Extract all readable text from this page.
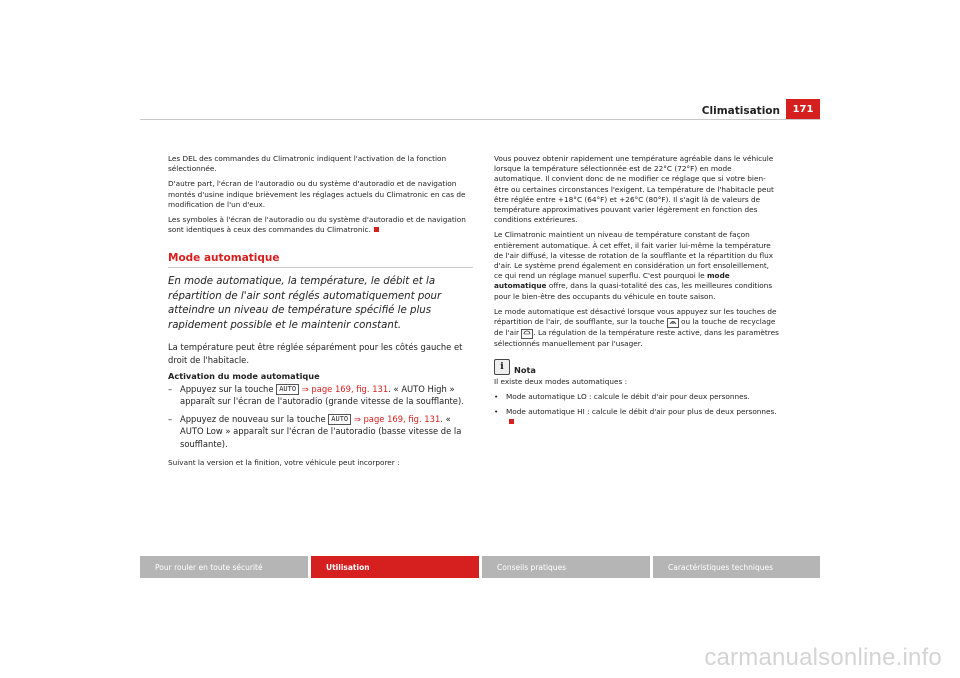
Climatisation	171

Les DEL des commandes du Climatronic indiquent l'activation de la fonction sélectionnée.

D'autre part, l'écran de l'autoradio ou du système d'autoradio et de navigation montés d'usine indique brièvement les réglages actuels du Climatronic en cas de modification de l'un d'eux.

Les symboles à l'écran de l'autoradio ou du système d'autoradio et de navigation sont identiques à ceux des commandes du Climatronic.

Mode automatique

En mode automatique, la température, le débit et la répartition de l'air sont réglés automatiquement pour atteindre un niveau de température spécifié le plus rapidement possible et le maintenir constant.

La température peut être réglée séparément pour les côtés gauche et droit de l'habitacle.

Activation du mode automatique

– Appuyez sur la touche AUTO ⇒ page 169, fig. 131. « AUTO High » apparaît sur l'écran de l'autoradio (grande vitesse de la soufflante).
– Appuyez de nouveau sur la touche AUTO ⇒ page 169, fig. 131. « AUTO Low » apparaît sur l'écran de l'autoradio (basse vitesse de la soufflante).

Suivant la version et la finition, votre véhicule peut incorporer :

Vous pouvez obtenir rapidement une température agréable dans le véhicule lorsque la température sélectionnée est de 22°C (72°F) en mode automatique. Il convient donc de ne modifier ce réglage que si votre bien-être ou certaines circonstances l'exigent. La température de l'habitacle peut être réglée entre +18°C (64°F) et +26°C (80°F). Il s'agit là de valeurs de température approximatives pouvant varier légèrement en fonction des conditions extérieures.

Le Climatronic maintient un niveau de température constant de façon entièrement automatique. À cet effet, il fait varier lui-même la température de l'air diffusé, la vitesse de rotation de la soufflante et la répartition du flux d'air. Le système prend également en considération un fort ensoleillement, ce qui rend un réglage manuel superflu. C'est pourquoi le mode automatique offre, dans la quasi-totalité des cas, les meilleures conditions pour le bien-être des occupants du véhicule en toute saison.

Le mode automatique est désactivé lorsque vous appuyez sur les touches de répartition de l'air, de soufflante, sur la touche ou la touche de recyclage de l'air . La régulation de la température reste active, dans les paramètres sélectionnés manuellement par l'usager.

i	Nota

Il existe deux modes automatiques :

• Mode automatique LO : calcule le débit d'air pour deux personnes.
• Mode automatique HI : calcule le débit d'air pour plus de deux personnes.
Pour rouler en toute sécurité	Utilisation	Conseils pratiques	Caractéristiques techniques
carmanualsonline.info
